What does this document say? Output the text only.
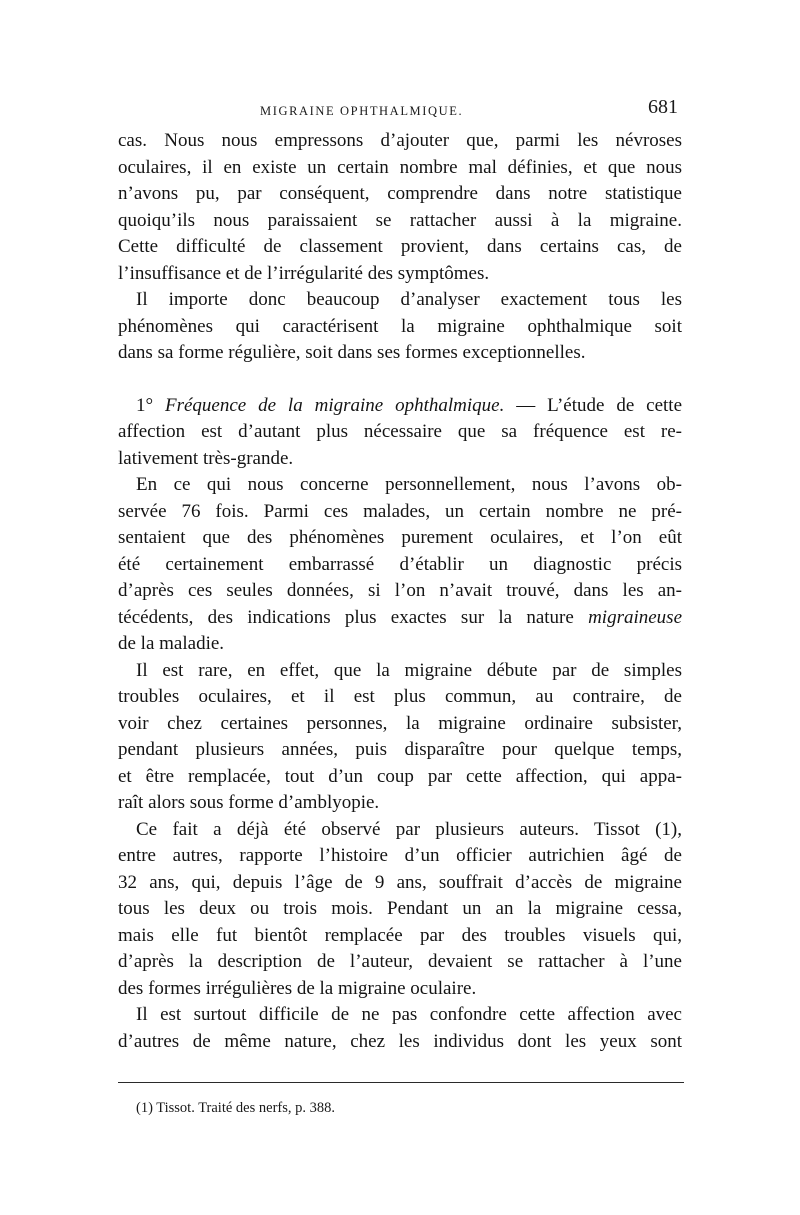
MIGRAINE OPHTHALMIQUE.	681
cas. Nous nous empressons d’ajouter que, parmi les névroses
oculaires, il en existe un certain nombre mal définies, et que nous
n’avons pu, par conséquent, comprendre dans notre statistique
quoiqu’ils nous paraissaient se rattacher aussi à la migraine.
Cette difficulté de classement provient, dans certains cas, de
l’insuffisance et de l’irrégularité des symptômes.
Il importe donc beaucoup d’analyser exactement tous les
phénomènes qui caractérisent la migraine ophthalmique soit
dans sa forme régulière, soit dans ses formes exceptionnelles.
1° Fréquence de la migraine ophthalmique. — L’étude de cette
affection est d’autant plus nécessaire que sa fréquence est re-
lativement très-grande.
En ce qui nous concerne personnellement, nous l’avons ob-
servée 76 fois. Parmi ces malades, un certain nombre ne pré-
sentaient que des phénomènes purement oculaires, et l’on eût
été certainement embarrassé d’établir un diagnostic précis
d’après ces seules données, si l’on n’avait trouvé, dans les an-
técédents, des indications plus exactes sur la nature migraineuse
de la maladie.
Il est rare, en effet, que la migraine débute par de simples
troubles oculaires, et il est plus commun, au contraire, de
voir chez certaines personnes, la migraine ordinaire subsister,
pendant plusieurs années, puis disparaître pour quelque temps,
et être remplacée, tout d’un coup par cette affection, qui appa-
raît alors sous forme d’amblyopie.
Ce fait a déjà été observé par plusieurs auteurs. Tissot (1),
entre autres, rapporte l’histoire d’un officier autrichien âgé de
32 ans, qui, depuis l’âge de 9 ans, souffrait d’accès de migraine
tous les deux ou trois mois. Pendant un an la migraine cessa,
mais elle fut bientôt remplacée par des troubles visuels qui,
d’après la description de l’auteur, devaient se rattacher à l’une
des formes irrégulières de la migraine oculaire.
Il est surtout difficile de ne pas confondre cette affection avec
d’autres de même nature, chez les individus dont les yeux sont
(1) Tissot. Traité des nerfs, p. 388.
